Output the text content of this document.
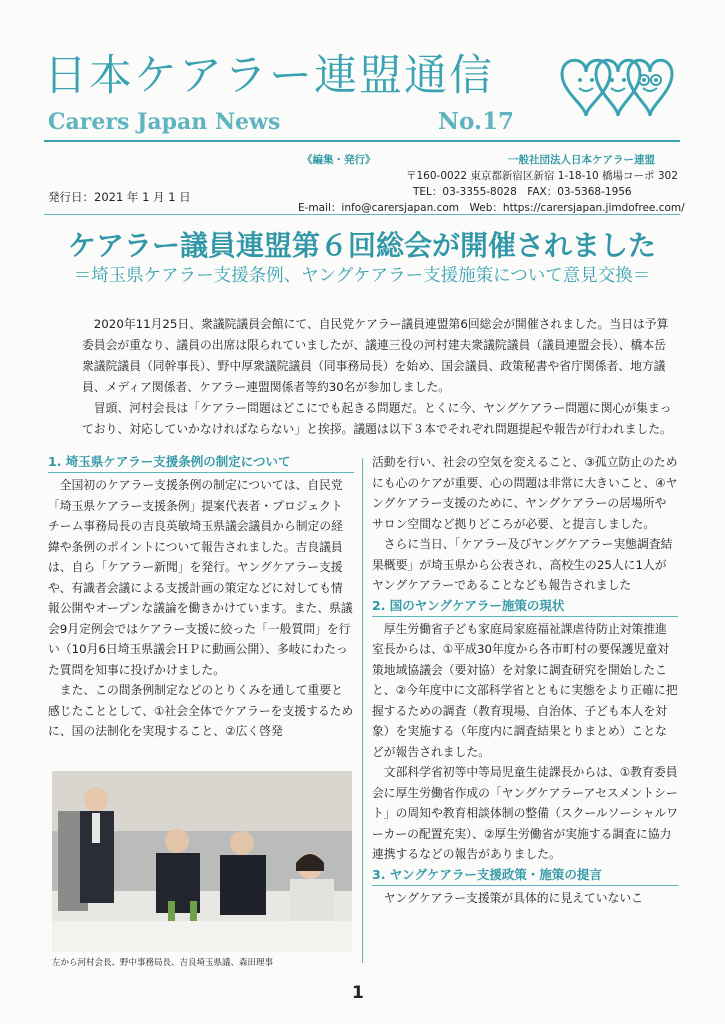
日本ケアラー連盟通信
Carers Japan News	No.17
《編集・発行》	一般社団法人日本ケアラー連盟
〒160-0022 東京都新宿区新宿 1-18-10 橋場コーポ 302
TEL：03-3355-8028　FAX：03-5368-1956
E-mail：info@carersjapan.com　Web：https://carersjapan.jimdofree.com/
発行日：2021 年 1 月 1 日
ケアラー議員連盟第６回総会が開催されました
＝埼玉県ケアラー支援条例、ヤングケアラー支援施策について意見交換＝

2020年11月25日、衆議院議員会館にて、自民党ケアラー議員連盟第6回総会が開催されました。当日は予算委員会が重なり、議員の出席は限られていましたが、議連三役の河村建夫衆議院議員（議員連盟会長）、橋本岳衆議院議員（同幹事長）、野中厚衆議院議員（同事務局長）を始め、国会議員、政策秘書や省庁関係者、地方議員、メディア関係者、ケアラー連盟関係者等約30名が参加しました。

冒頭、河村会長は「ケアラー問題はどこにでも起きる問題だ。とくに今、ヤングケアラー問題に関心が集まっており、対応していかなければならない」と挨拶。議題は以下３本でそれぞれ問題提起や報告が行われました。

1. 埼玉県ケアラー支援条例の制定について

全国初のケアラー支援条例の制定については、自民党「埼玉県ケアラー支援条例」提案代表者・プロジェクトチーム事務局長の吉良英敏埼玉県議会議員から制定の経緯や条例のポイントについて報告されました。吉良議員は、自ら「ケアラー新聞」を発行。ヤングケアラー支援や、有識者会議による支援計画の策定などに対しても情報公開やオープンな議論を働きかけています。また、県議会9月定例会ではケアラー支援に絞った「一般質問」を行い（10月6日埼玉県議会ＨＰに動画公開）、多岐にわたった質問を知事に投げかけました。

また、この間条例制定などのとりくみを通して重要と感じたこととして、①社会全体でケアラーを支援するために、国の法制化を実現すること、②広く啓発

左から河村会長、野中事務局長、吉良埼玉県議、森田理事

活動を行い、社会の空気を変えること、③孤立防止のためにも心のケアが重要、心の問題は非常に大きいこと、④ヤングケアラー支援のために、ヤングケアラーの居場所やサロン空間など拠りどころが必要、と提言しました。

さらに当日、「ケアラー及びヤングケアラー実態調査結果概要」が埼玉県から公表され、高校生の25人に1人がヤングケアラーであることなども報告されました

2. 国のヤングケアラー施策の現状

厚生労働省子ども家庭局家庭福祉課虐待防止対策推進室長からは、①平成30年度から各市町村の要保護児童対策地域協議会（要対協）を対象に調査研究を開始したこと、②今年度中に文部科学省とともに実態をより正確に把握するための調査（教育現場、自治体、子ども本人を対象）を実施する（年度内に調査結果とりまとめ）ことなどが報告されました。

文部科学省初等中等局児童生徒課長からは、①教育委員会に厚生労働省作成の「ヤングケアラーアセスメントシート」の周知や教育相談体制の整備（スクールソーシャルワーカーの配置充実）、②厚生労働省が実施する調査に協力連携するなどの報告がありました。

3. ヤングケアラー支援政策・施策の提言

ヤングケアラー支援策が具体的に見えていないこ

1
